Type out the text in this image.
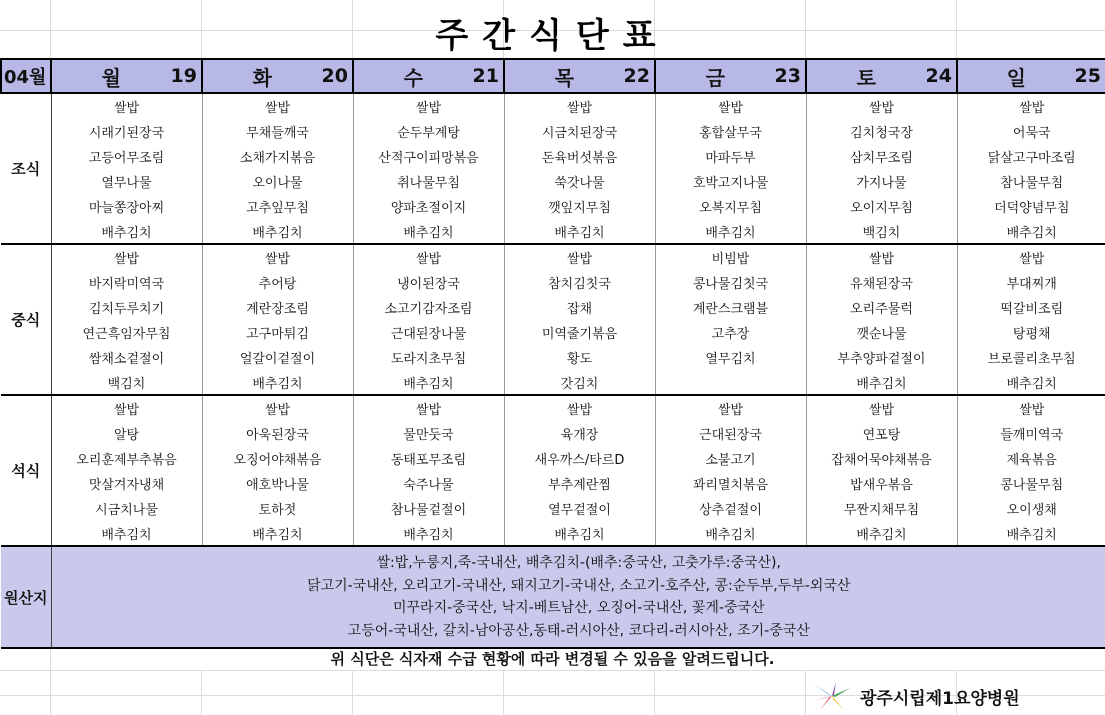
주간식단표
04월	월 19	화 20	수 21	목 22	금 23	토 24	일 25

조식	쌀밥	쌀밥	쌀밥	쌀밥	쌀밥	쌀밥	쌀밥
	시래기된장국	무채들깨국	순두부계탕	시금치된장국	홍합살무국	김치청국장	어묵국
	고등어무조림	소채가지볶음	산적구이피망볶음	돈육버섯볶음	마파두부	삼치무조림	닭살고구마조림
	열무나물	오이나물	취나물무침	쑥갓나물	호박고지나물	가지나물	참나물무침
	마늘쫑장아찌	고추잎무침	양파초절이지	깻잎지무침	오복지무침	오이지무침	더덕양념무침
	배추김치	배추김치	배추김치	배추김치	배추김치	백김치	배추김치
중식	쌀밥	쌀밥	쌀밥	쌀밥	비빔밥	쌀밥	쌀밥
	바지락미역국	추어탕	냉이된장국	참치김칫국	콩나물김칫국	유채된장국	부대찌개
	김치두루치기	계란장조림	소고기감자조림	잡채	계란스크램블	오리주물럭	떡갈비조림
	연근흑임자무침	고구마튀김	근대된장나물	미역줄기볶음	고추장	깻순나물	탕평채
	쌈채소겉절이	얼갈이겉절이	도라지초무침	황도	열무김치	부추양파겉절이	브로콜리초무침
	백김치	배추김치	배추김치	갓김치		배추김치	배추김치
석식	쌀밥	쌀밥	쌀밥	쌀밥	쌀밥	쌀밥	쌀밥
	알탕	아욱된장국	물만둣국	육개장	근대된장국	연포탕	들깨미역국
	오리훈제부추볶음	오징어야채볶음	동태포무조림	새우까스/타르D	소불고기	잡채어묵야채볶음	제육볶음
	맛살겨자냉채	애호박나물	숙주나물	부추계란찜	꽈리멸치볶음	밥새우볶음	콩나물무침
	시금치나물	토하젓	참나물겉절이	열무겉절이	상추겉절이	무짠지채무침	오이생채
	배추김치	배추김치	배추김치	배추김치	배추김치	배추김치	배추김치
원산지	쌀:밥,누룽지,죽-국내산, 배추김치-(배추:중국산, 고춧가루:중국산),
닭고기-국내산, 오리고기-국내산, 돼지고기-국내산, 소고기-호주산, 콩:순두부,두부-외국산
미꾸라지-중국산, 낙지-베트남산, 오징어-국내산, 꽃게-중국산
고등어-국내산, 갈치-남아공산,동태-러시아산, 코다리-러시아산, 조기-중국산						
위 식단은 식자재 수급 현황에 따라 변경될 수 있음을 알려드립니다.
광주시립제1요양병원
